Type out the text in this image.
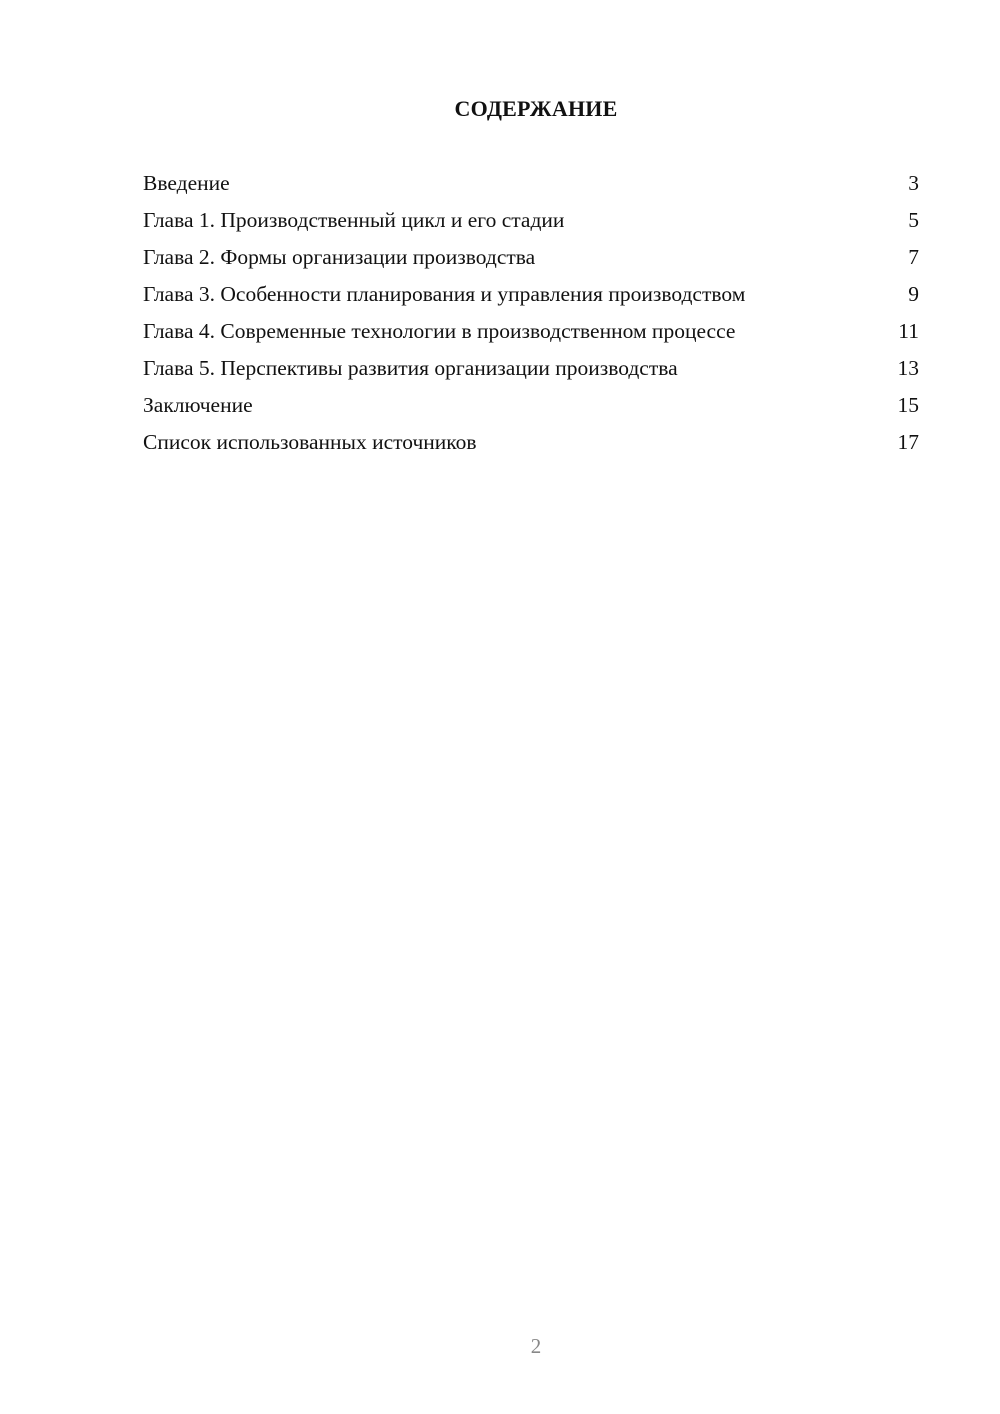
СОДЕРЖАНИЕ
Введение	3
Глава 1. Производственный цикл и его стадии	5
Глава 2. Формы организации производства	7
Глава 3. Особенности планирования и управления производством	9
Глава 4. Современные технологии в производственном процессе	11
Глава 5. Перспективы развития организации производства	13
Заключение	15
Список использованных источников	17
2
